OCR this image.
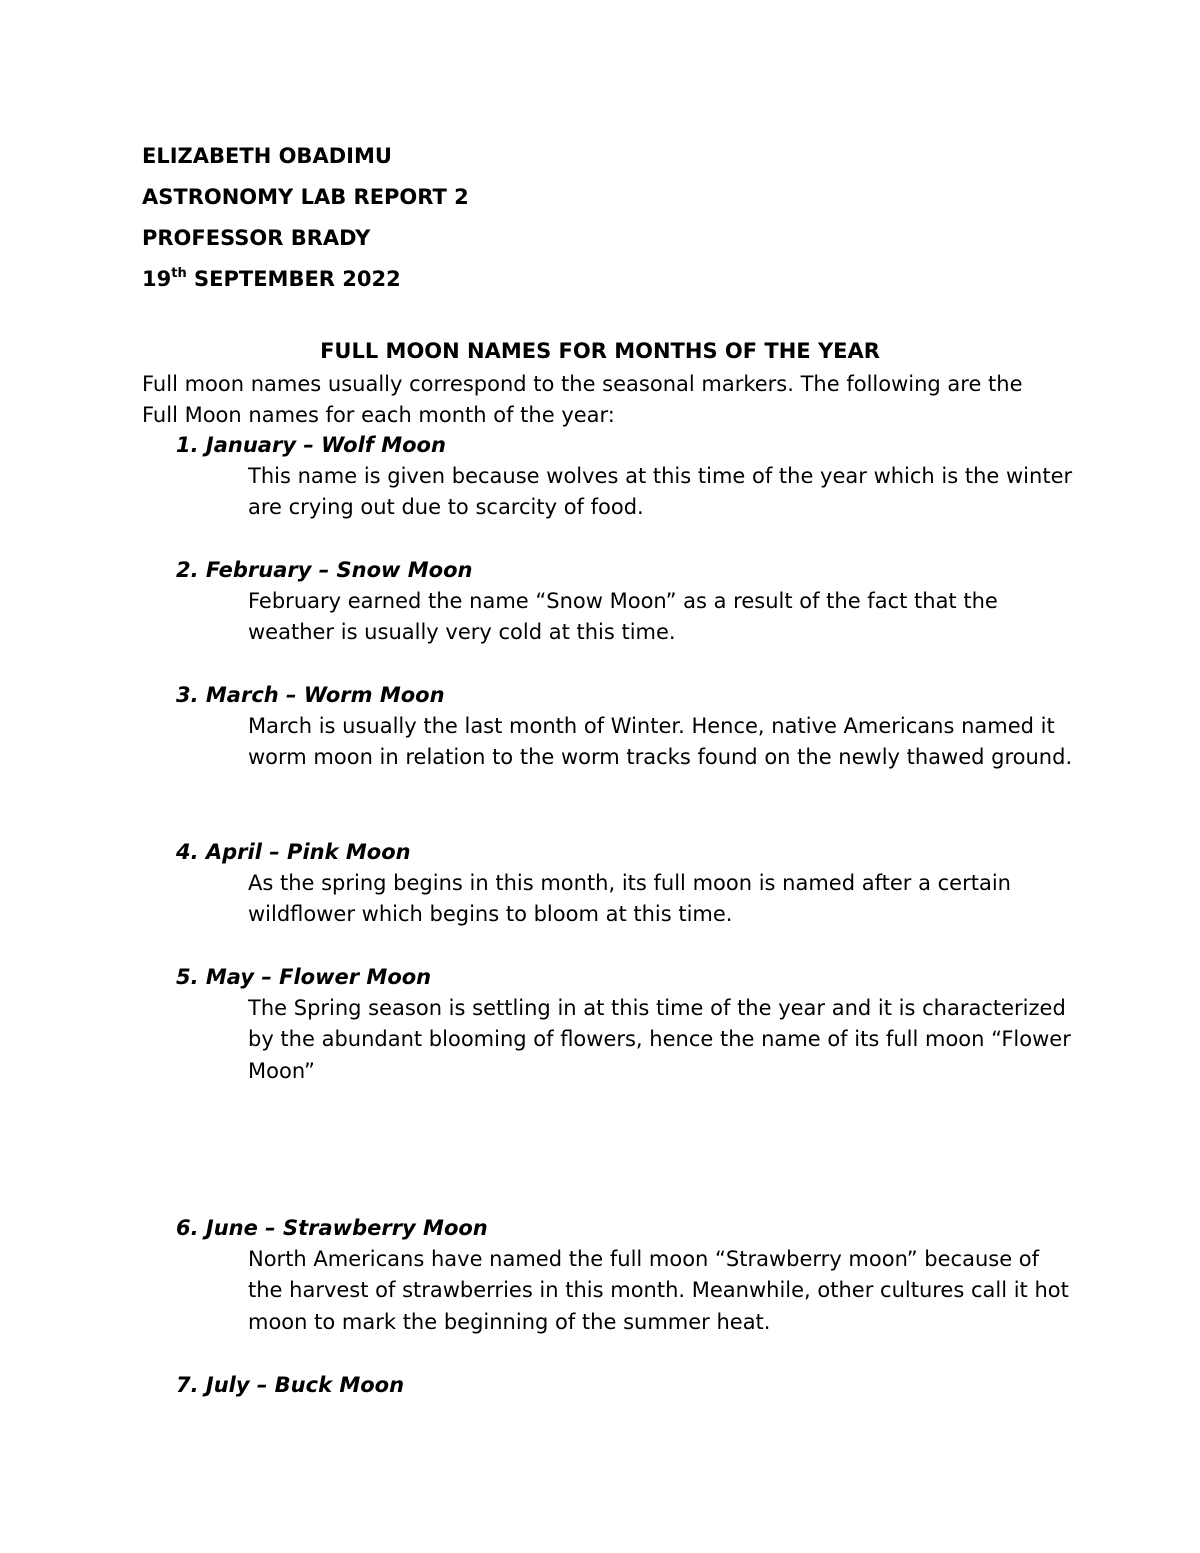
ELIZABETH OBADIMU
ASTRONOMY LAB REPORT 2
PROFESSOR BRADY
19th SEPTEMBER 2022
FULL MOON NAMES FOR MONTHS OF THE YEAR
Full moon names usually correspond to the seasonal markers. The following are the Full Moon names for each month of the year:
1. January – Wolf Moon
This name is given because wolves at this time of the year which is the winter are crying out due to scarcity of food.
2. February – Snow Moon
February earned the name “Snow Moon” as a result of the fact that the weather is usually very cold at this time.
3. March – Worm Moon
March is usually the last month of Winter. Hence, native Americans named it worm moon in relation to the worm tracks found on the newly thawed ground.
4. April – Pink Moon
As the spring begins in this month, its full moon is named after a certain wildflower which begins to bloom at this time.
5. May – Flower Moon
The Spring season is settling in at this time of the year and it is characterized by the abundant blooming of flowers, hence the name of its full moon “Flower Moon”
6. June – Strawberry Moon
North Americans have named the full moon “Strawberry moon” because of the harvest of strawberries in this month. Meanwhile, other cultures call it hot moon to mark the beginning of the summer heat.
7. July – Buck Moon
